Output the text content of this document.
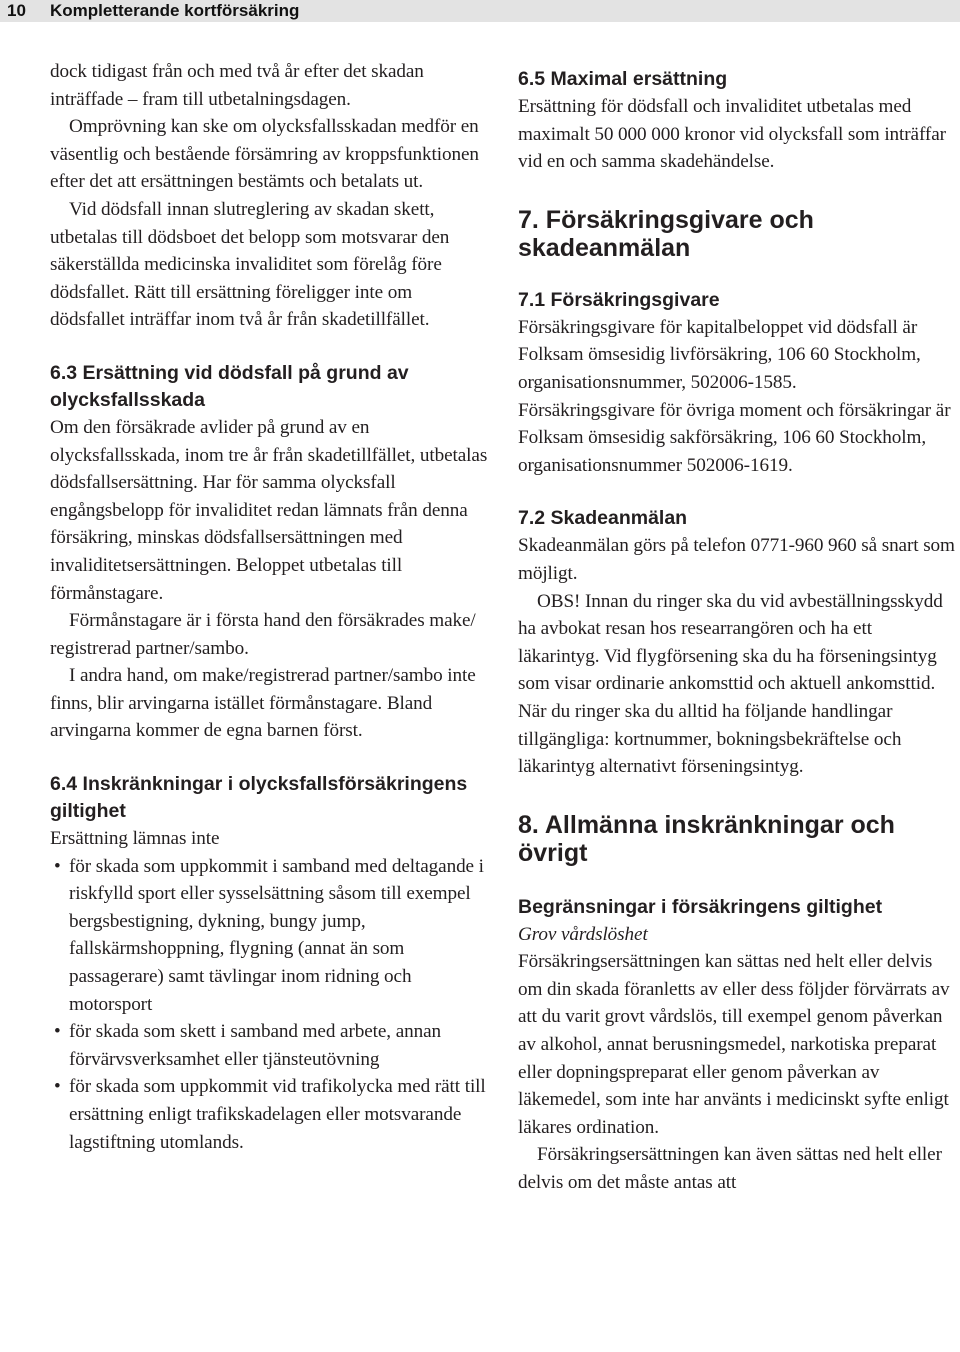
10 Kompletterande kortförsäkring

dock tidigast från och med två år efter det skadan inträffade – fram till utbetalningsdagen.

Omprövning kan ske om olycksfallsskadan medför en väsentlig och bestående försämring av kroppsfunktionen efter det att ersättningen bestämts och betalats ut.

Vid dödsfall innan slutreglering av skadan skett, utbetalas till dödsboet det belopp som motsvarar den säkerställda medicinska invaliditet som förelåg före dödsfallet. Rätt till ersättning föreligger inte om dödsfallet inträffar inom två år från skadetillfället.

6.3 Ersättning vid dödsfall på grund av olycksfallsskada

Om den försäkrade avlider på grund av en olycksfallsskada, inom tre år från skadetillfället, utbetalas dödsfallsersättning. Har för samma olycksfall engångsbelopp för invaliditet redan lämnats från denna försäkring, minskas dödsfallsersättningen med invaliditetsersättningen. Beloppet utbetalas till förmånstagare.

Förmånstagare är i första hand den försäkrades make/ registrerad partner/sambo.

I andra hand, om make/registrerad partner/sambo inte finns, blir arvingarna istället förmånstagare. Bland arvingarna kommer de egna barnen först.

6.4 Inskränkningar i olycksfallsförsäkringens giltighet

Ersättning lämnas inte

• för skada som uppkommit i samband med deltagande i riskfylld sport eller sysselsättning såsom till exempel bergsbestigning, dykning, bungy jump, fallskärmshoppning, flygning (annat än som passagerare) samt tävlingar inom ridning och motorsport
• för skada som skett i samband med arbete, annan förvärvsverksamhet eller tjänsteutövning
• för skada som uppkommit vid trafikolycka med rätt till ersättning enligt trafikskadelagen eller motsvarande lagstiftning utomlands.
6.5 Maximal ersättning

Ersättning för dödsfall och invaliditet utbetalas med maximalt 50 000 000 kronor vid olycksfall som inträffar vid en och samma skadehändelse.

7. Försäkringsgivare och skadeanmälan
7.1 Försäkringsgivare

Försäkringsgivare för kapitalbeloppet vid dödsfall är Folksam ömsesidig livförsäkring, 106 60 Stockholm, organisationsnummer, 502006-1585.

Försäkringsgivare för övriga moment och försäkringar är Folksam ömsesidig sakförsäkring, 106 60 Stockholm, organisationsnummer 502006-1619.

7.2 Skadeanmälan

Skadeanmälan görs på telefon 0771-960 960 så snart som möjligt.

OBS! Innan du ringer ska du vid avbeställningsskydd ha avbokat resan hos researrangören och ha ett läkarintyg. Vid flygförsening ska du ha förseningsintyg som visar ordinarie ankomsttid och aktuell ankomsttid. När du ringer ska du alltid ha följande handlingar tillgängliga: kortnummer, bokningsbekräftelse och läkarintyg alternativt förseningsintyg.

8. Allmänna inskränkningar och övrigt
Begränsningar i försäkringens giltighet

Grov vårdslöshet

Försäkringsersättningen kan sättas ned helt eller delvis om din skada föranletts av eller dess följder förvärrats av att du varit grovt vårdslös, till exempel genom påverkan av alkohol, annat berusningsmedel, narkotiska preparat eller dopningspreparat eller genom påverkan av läkemedel, som inte har använts i medicinskt syfte enligt läkares ordination.

Försäkringsersättningen kan även sättas ned helt eller delvis om det måste antas att
